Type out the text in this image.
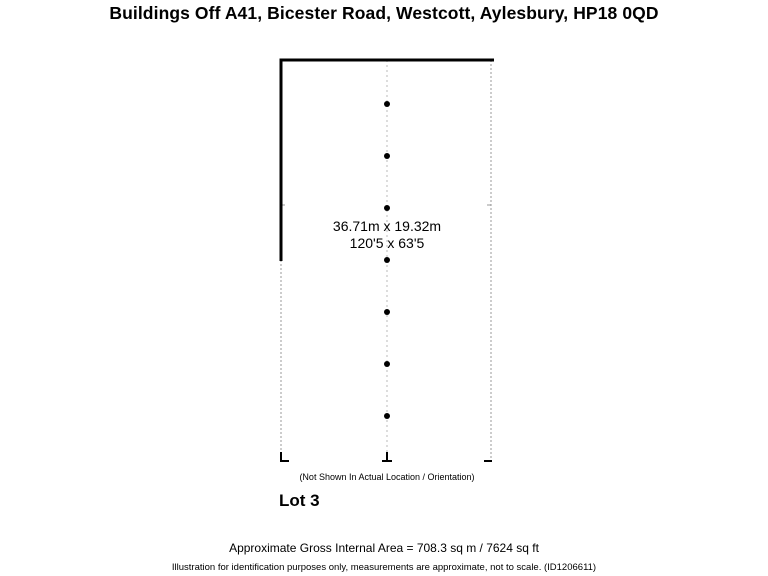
Buildings Off A41, Bicester Road, Westcott, Aylesbury, HP18 0QD
36.71m x 19.32m
120'5 x 63'5
(Not Shown In Actual Location / Orientation)
Lot 3
Approximate Gross Internal Area = 708.3 sq m / 7624 sq ft
Illustration for identification purposes only, measurements are approximate, not to scale. (ID1206611)
